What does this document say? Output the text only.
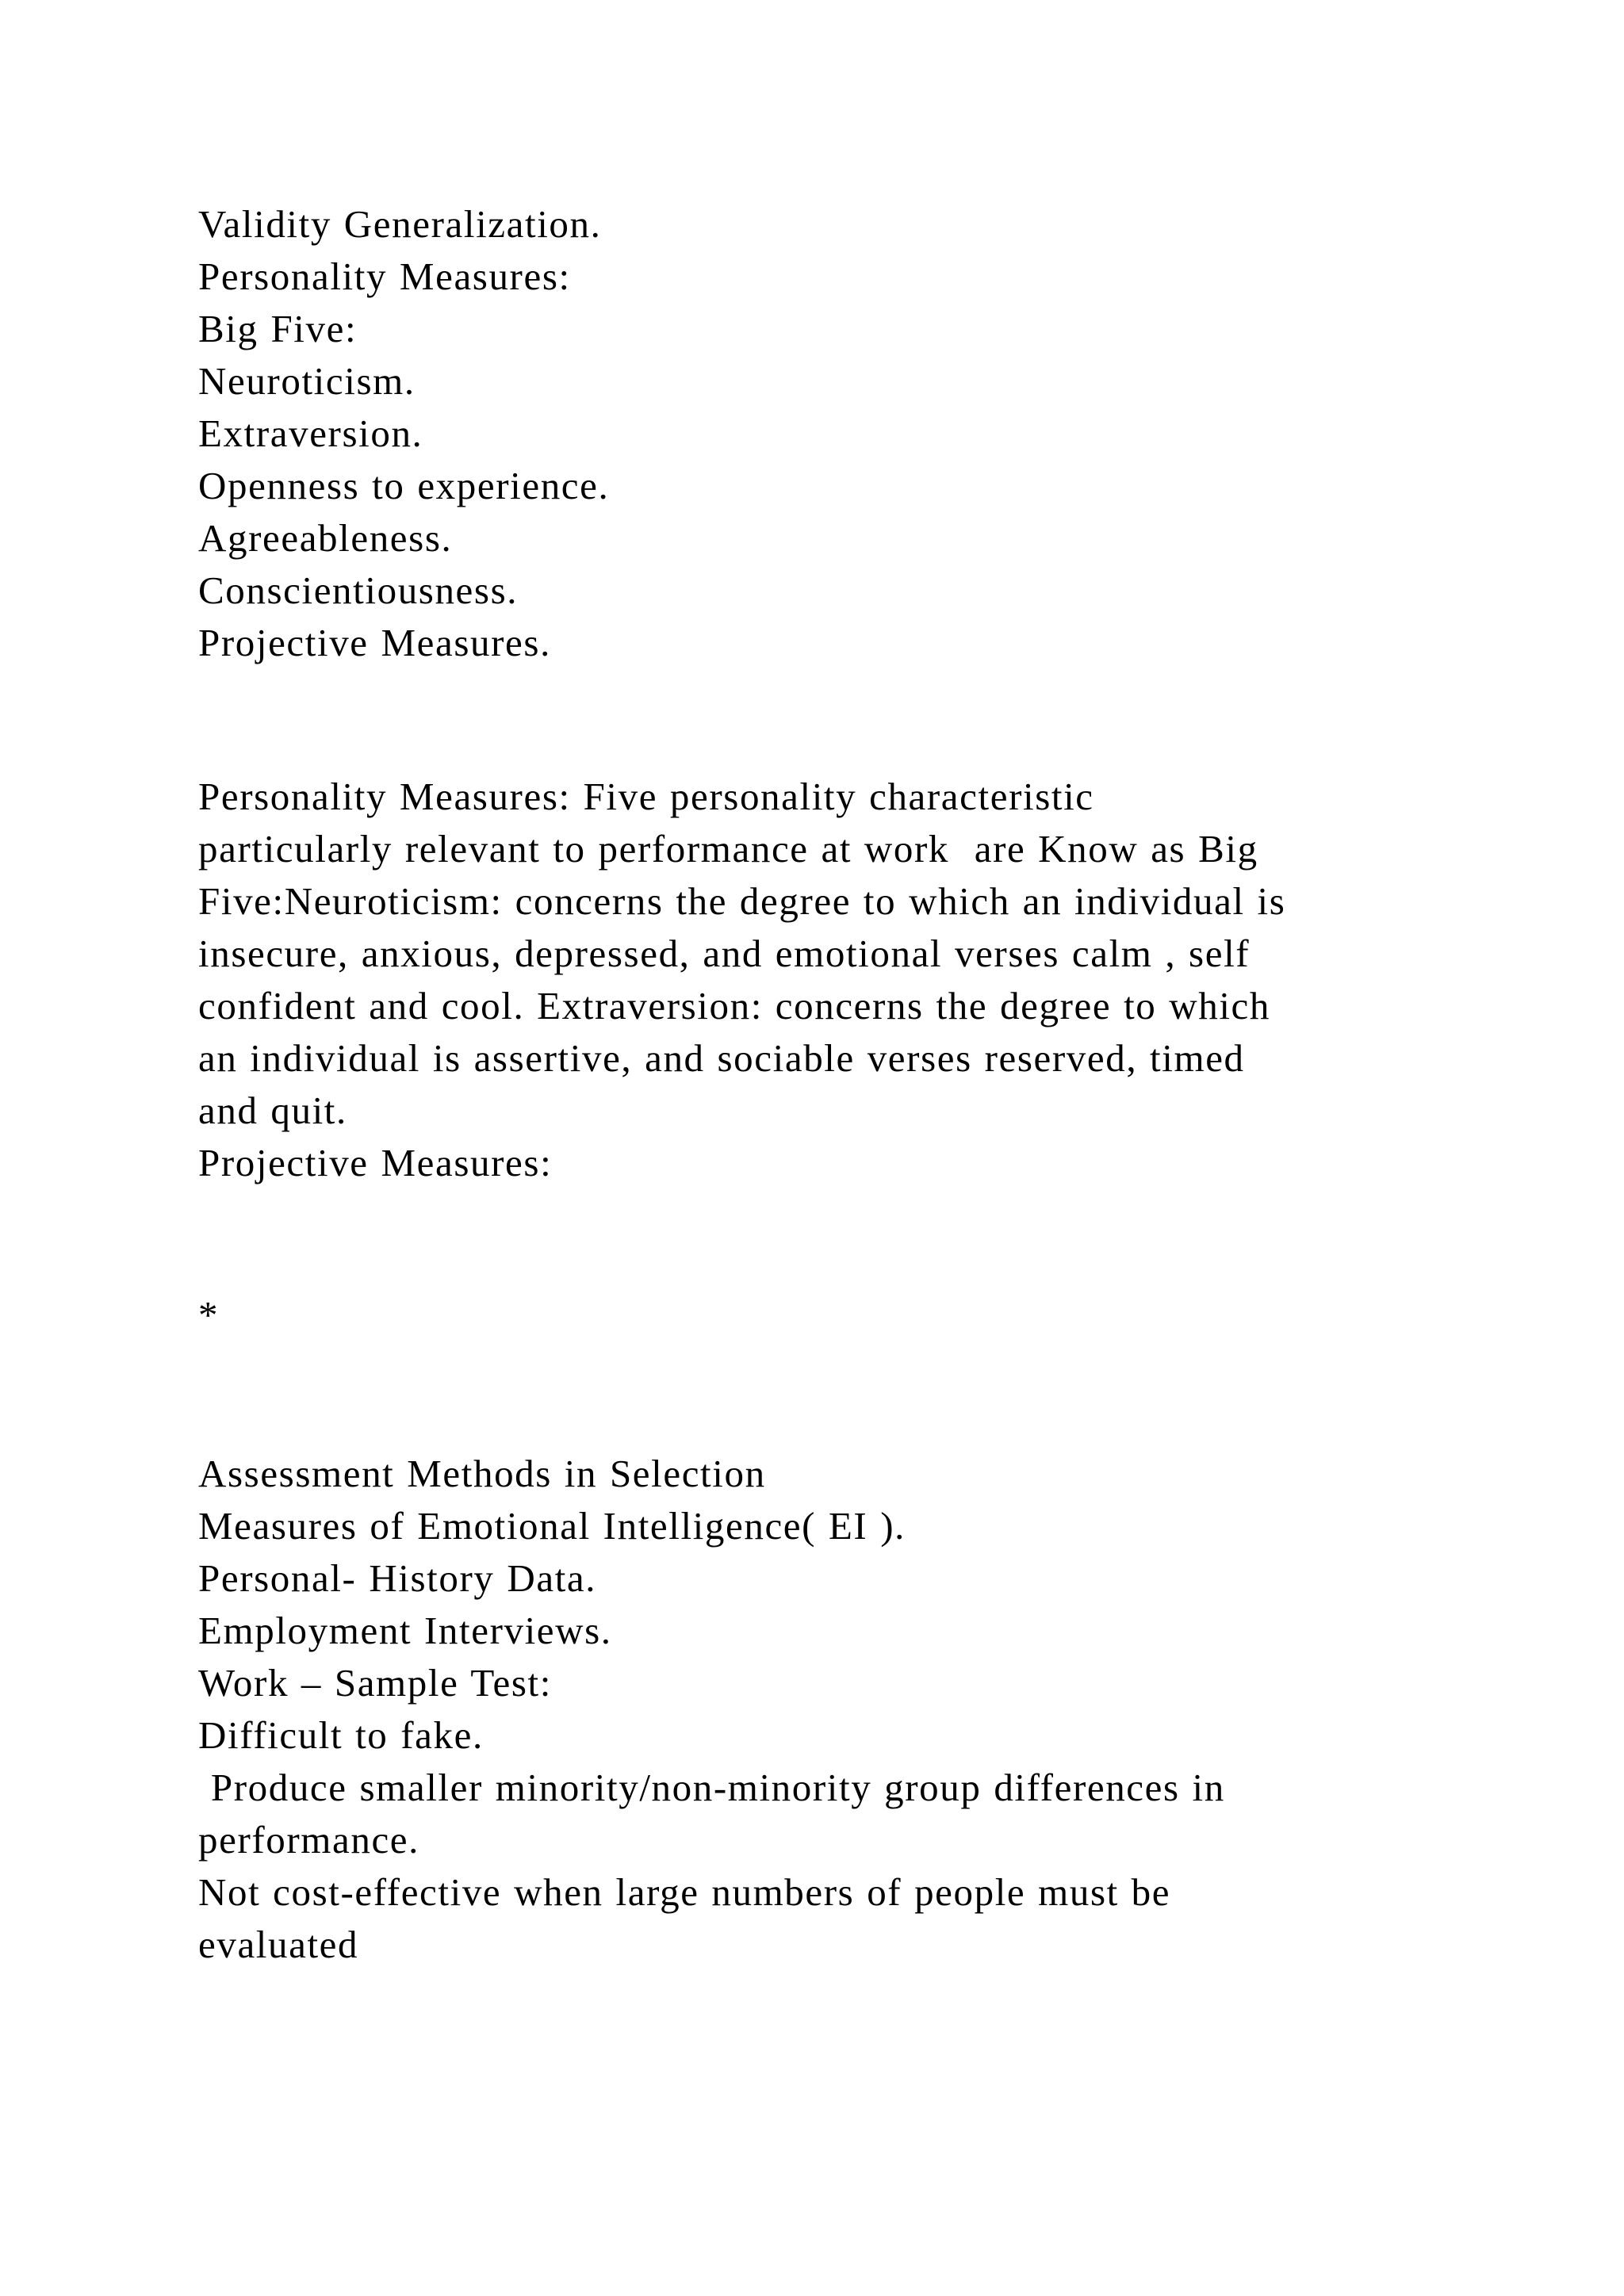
Validity Generalization.
Personality Measures:
Big Five:
Neuroticism.
Extraversion.
Openness to experience.
Agreeableness.
Conscientiousness.
Projective Measures.
Personality Measures: Five personality characteristic
particularly relevant to performance at work  are Know as Big
Five:Neuroticism: concerns the degree to which an individual is
insecure, anxious, depressed, and emotional verses calm , self
confident and cool. Extraversion: concerns the degree to which
an individual is assertive, and sociable verses reserved, timed
and quit.
Projective Measures:
*
Assessment Methods in Selection
Measures of Emotional Intelligence( EI ).
Personal- History Data.
Employment Interviews.
Work – Sample Test:
Difficult to fake.
Produce smaller minority/non-minority group differences in
performance.
Not cost-effective when large numbers of people must be
evaluated
